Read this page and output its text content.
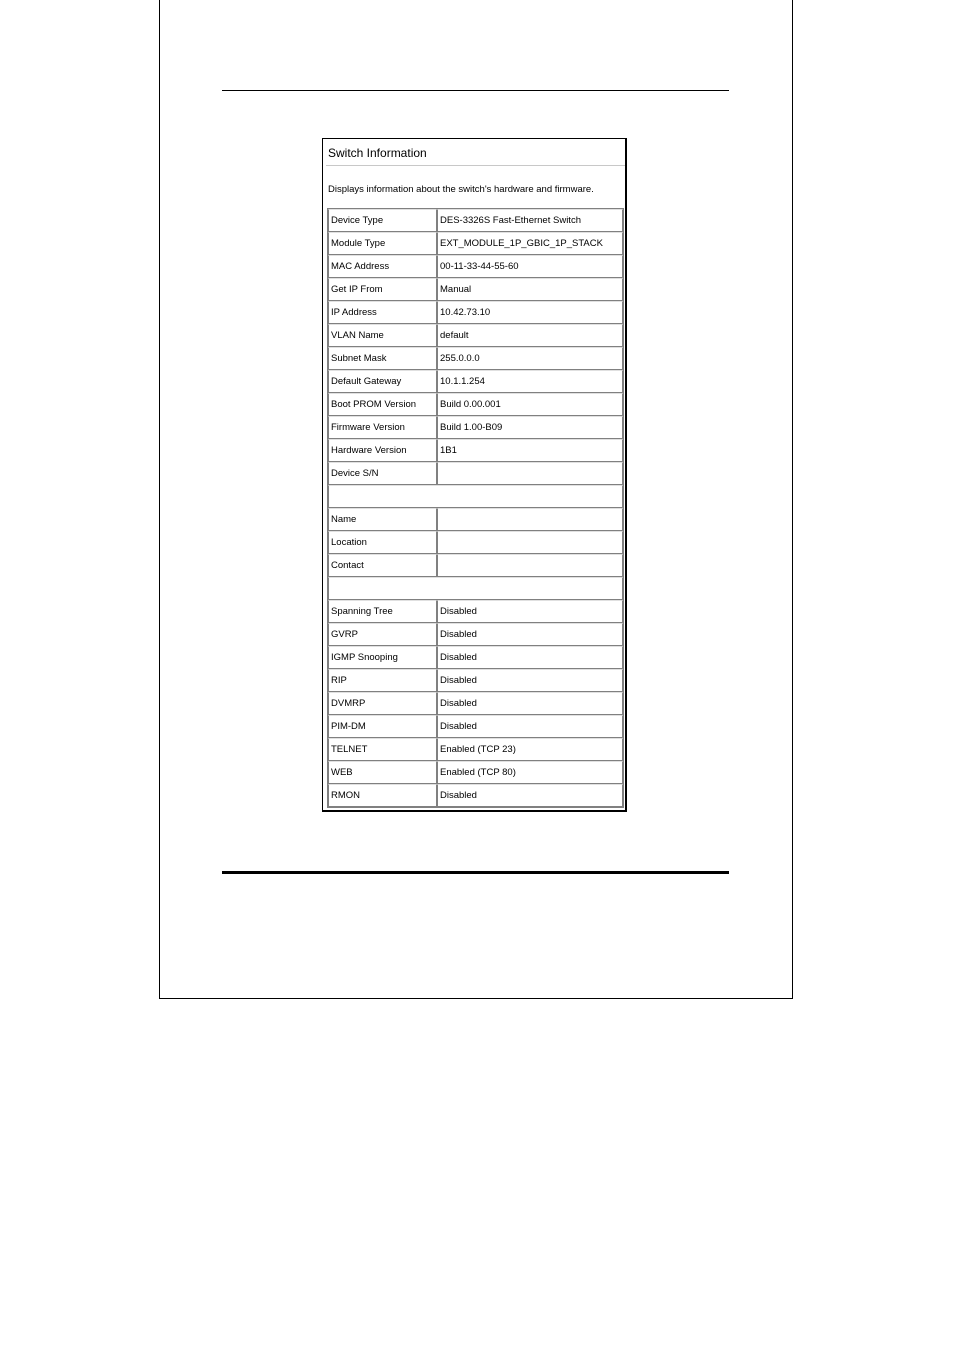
Switch Information
Displays information about the switch's hardware and firmware.
Device Type	DES-3326S Fast-Ethernet Switch
Module Type	EXT_MODULE_1P_GBIC_1P_STACK
MAC Address	00-11-33-44-55-60
Get IP From	Manual
IP Address	10.42.73.10
VLAN Name	default
Subnet Mask	255.0.0.0
Default Gateway	10.1.1.254
Boot PROM Version	Build 0.00.001
Firmware Version	Build 1.00-B09
Hardware Version	1B1
Device S/N	

Name	
Location	
Contact	

Spanning Tree	Disabled
GVRP	Disabled
IGMP Snooping	Disabled
RIP	Disabled
DVMRP	Disabled
PIM-DM	Disabled
TELNET	Enabled (TCP 23)
WEB	Enabled (TCP 80)
RMON	Disabled
